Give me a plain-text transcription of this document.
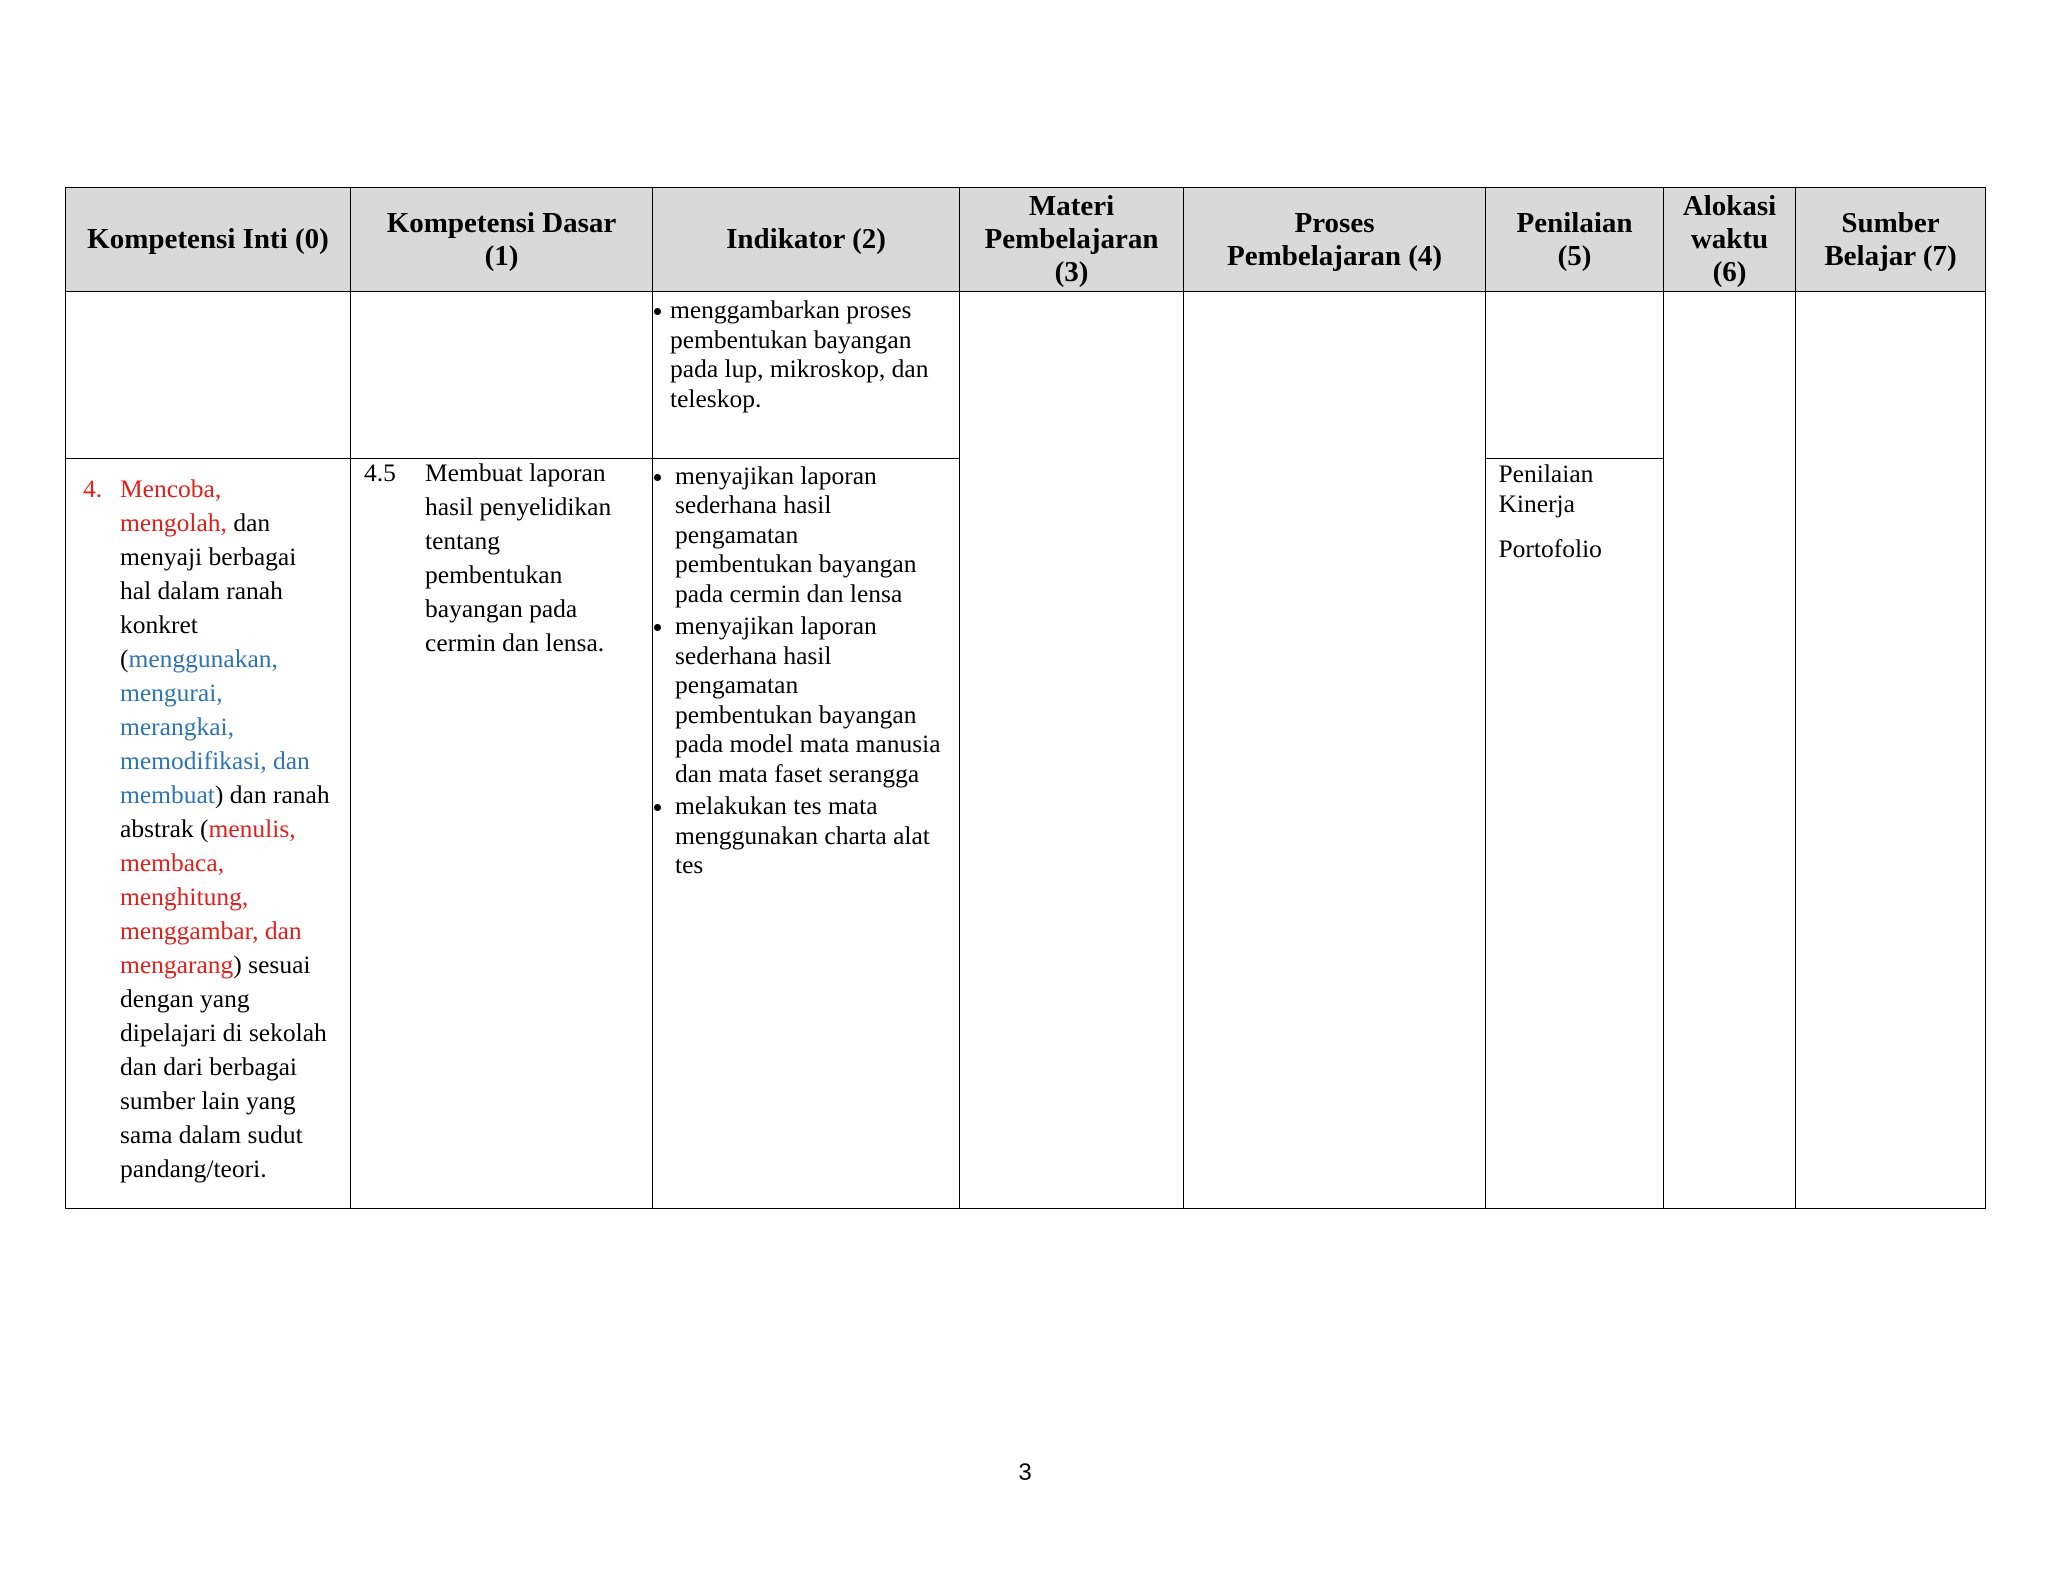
Kompetensi Inti (0)
Kompetensi Dasar
(1)
Indikator (2)
Materi
Pembelajaran
(3)
Proses
Pembelajaran (4)
Penilaian
(5)
Alokasi
waktu
(6)
Sumber
Belajar (7)
menggambarkan proses
pembentukan bayangan
pada lup, mikroskop, dan
teleskop.
4. Mencoba,
mengolah, dan
menyaji berbagai
hal dalam ranah
konkret
(menggunakan,
mengurai,
merangkai,
memodifikasi, dan
membuat) dan ranah
abstrak (menulis,
membaca,
menghitung,
menggambar, dan
mengarang) sesuai
dengan yang
dipelajari di sekolah
dan dari berbagai
sumber lain yang
sama dalam sudut
pandang/teori.
4.5	Membuat laporan
hasil penyelidikan
tentang
pembentukan
bayangan pada
cermin dan lensa.
menyajikan laporan
sederhana hasil
pengamatan
pembentukan bayangan
pada cermin dan lensa
menyajikan laporan
sederhana hasil
pengamatan
pembentukan bayangan
pada model mata manusia
dan mata faset serangga
melakukan tes mata
menggunakan charta alat
tes
Penilaian
Kinerja
Portofolio
3
